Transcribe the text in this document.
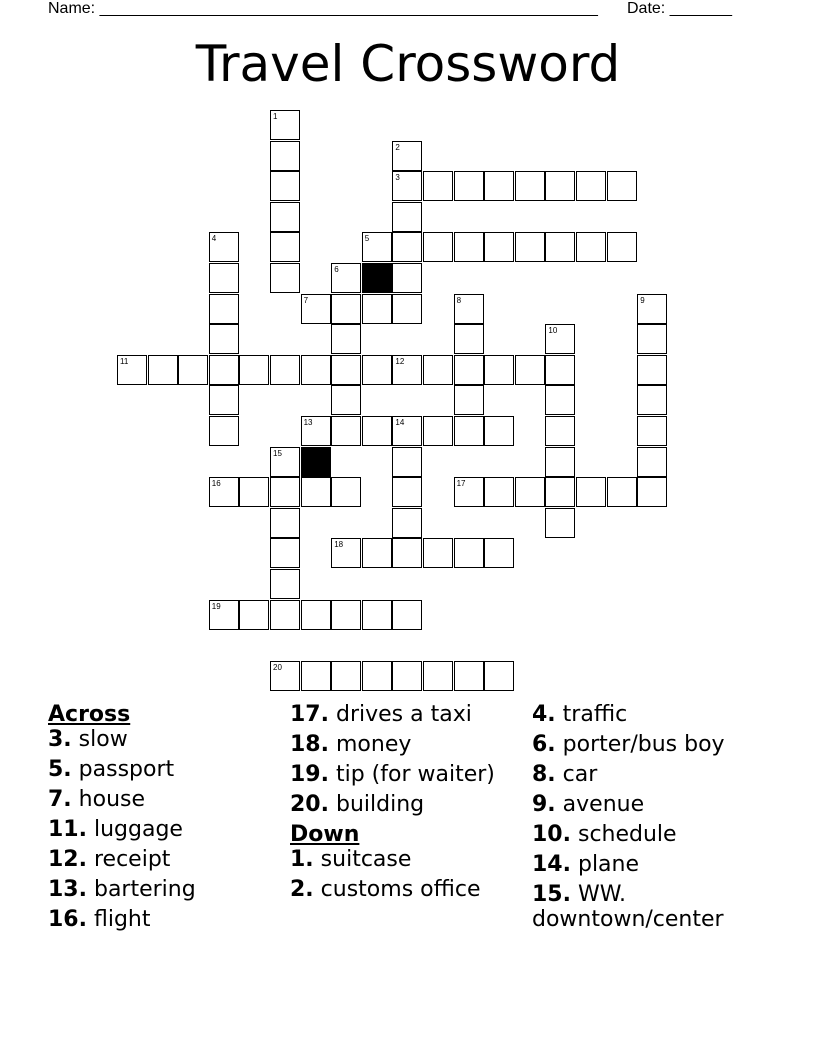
Name: ________________________________________________________ Date: _______
Travel Crossword
1
2
3
4	5
6
7	8	9
10
11	12
13	14
15
16	17
18
19
20

Across

3. slow

5. passport

7. house

11. luggage

12. receipt

13. bartering

16. flight

17. drives a taxi

18. money

19. tip (for waiter)

20. building

Down

1. suitcase

2. customs office

4. traffic

6. porter/bus boy

8. car

9. avenue

10. schedule

14. plane

15. WW. downtown/center
